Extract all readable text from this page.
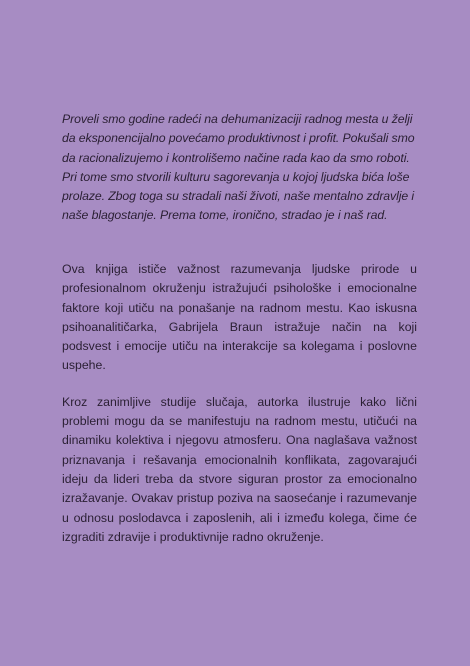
Proveli smo godine radeći na dehumanizaciji radnog mesta u želji da eksponencijalno povećamo produktivnost i profit. Pokušali smo da racionalizujemo i kontrolišemo načine rada kao da smo roboti. Pri tome smo stvorili kulturu sagorevanja u kojoj ljudska bića loše prolaze. Zbog toga su stradali naši životi, naše mentalno zdravlje i naše blagostanje. Prema tome, ironično, stradao je i naš rad.

Ova knjiga ističe važnost razumevanja ljudske prirode u profesionalnom okruženju istražujući psihološke i emocionalne faktore koji utiču na ponašanje na radnom mestu. Kao iskusna psihoanalitičarka, Gabrijela Braun istražuje način na koji podsvest i emocije utiču na interakcije sa kolegama i poslovne uspehe.

Kroz zanimljive studije slučaja, autorka ilustruje kako lični problemi mogu da se manifestuju na radnom mestu, utičući na dinamiku kolektiva i njegovu atmosferu. Ona naglašava važnost priznavanja i rešavanja emocionalnih konflikata, zagovarajući ideju da lideri treba da stvore siguran prostor za emocionalno izražavanje. Ovakav pristup poziva na saosećanje i razumevanje u odnosu poslodavca i zaposlenih, ali i između kolega, čime će izgraditi zdravije i produktivnije radno okruženje.
